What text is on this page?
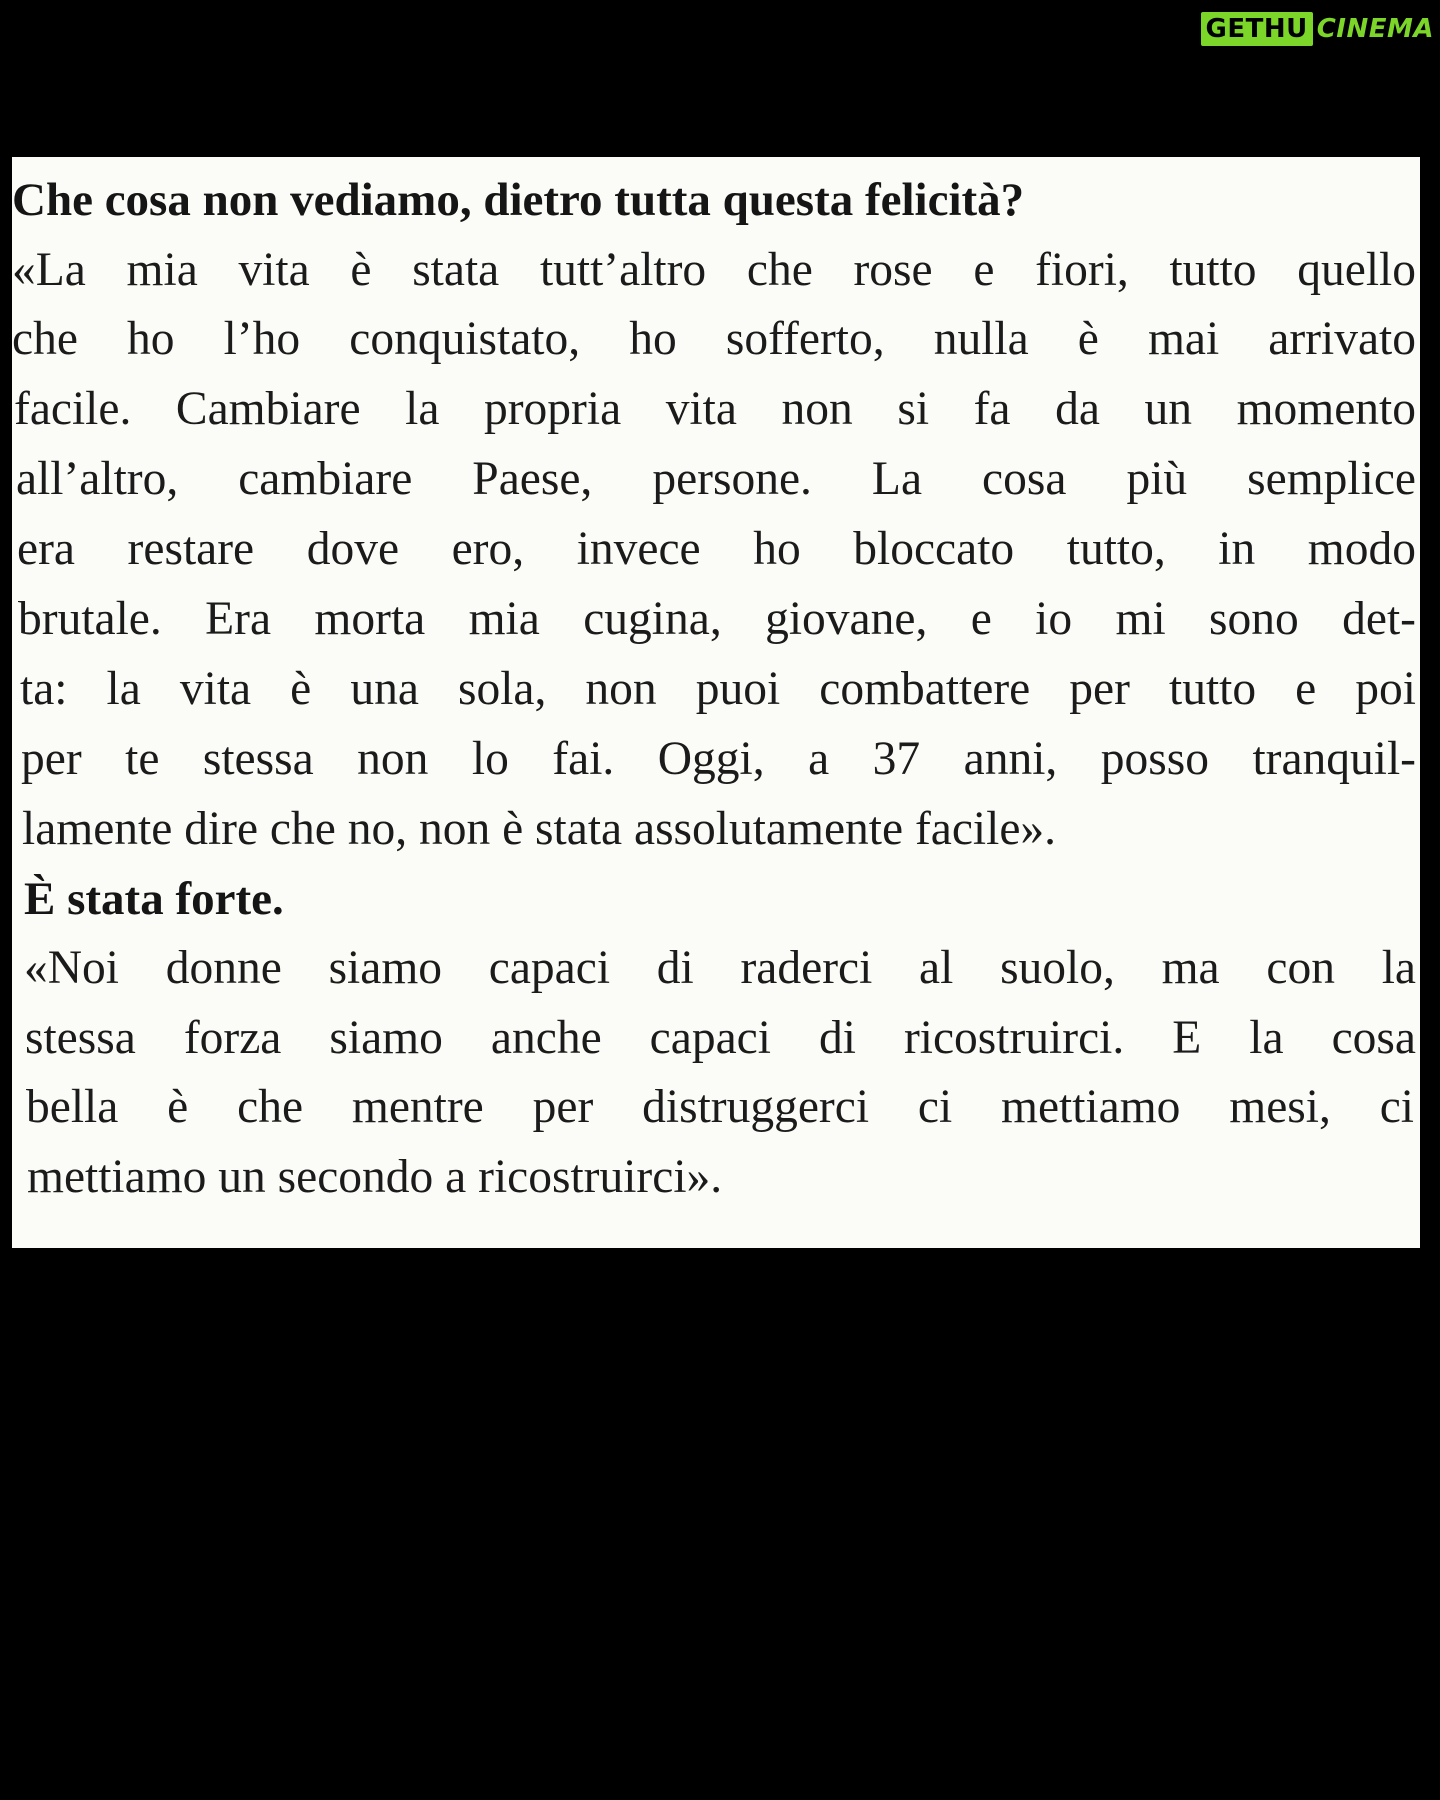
GETHU CINEMA
Che cosa non vediamo, dietro tutta questa felicità?
«La mia vita è stata tutt’altro che rose e fiori, tutto quello
che ho l’ho conquistato, ho sofferto, nulla è mai arrivato
facile. Cambiare la propria vita non si fa da un momento
all’altro, cambiare Paese, persone. La cosa più semplice
era restare dove ero, invece ho bloccato tutto, in modo
brutale. Era morta mia cugina, giovane, e io mi sono det-
ta: la vita è una sola, non puoi combattere per tutto e poi
per te stessa non lo fai. Oggi, a 37 anni, posso tranquil-
lamente dire che no, non è stata assolutamente facile».
È stata forte.
«Noi donne siamo capaci di raderci al suolo, ma con la
stessa forza siamo anche capaci di ricostruirci. E la cosa
bella è che mentre per distruggerci ci mettiamo mesi, ci
mettiamo un secondo a ricostruirci».
